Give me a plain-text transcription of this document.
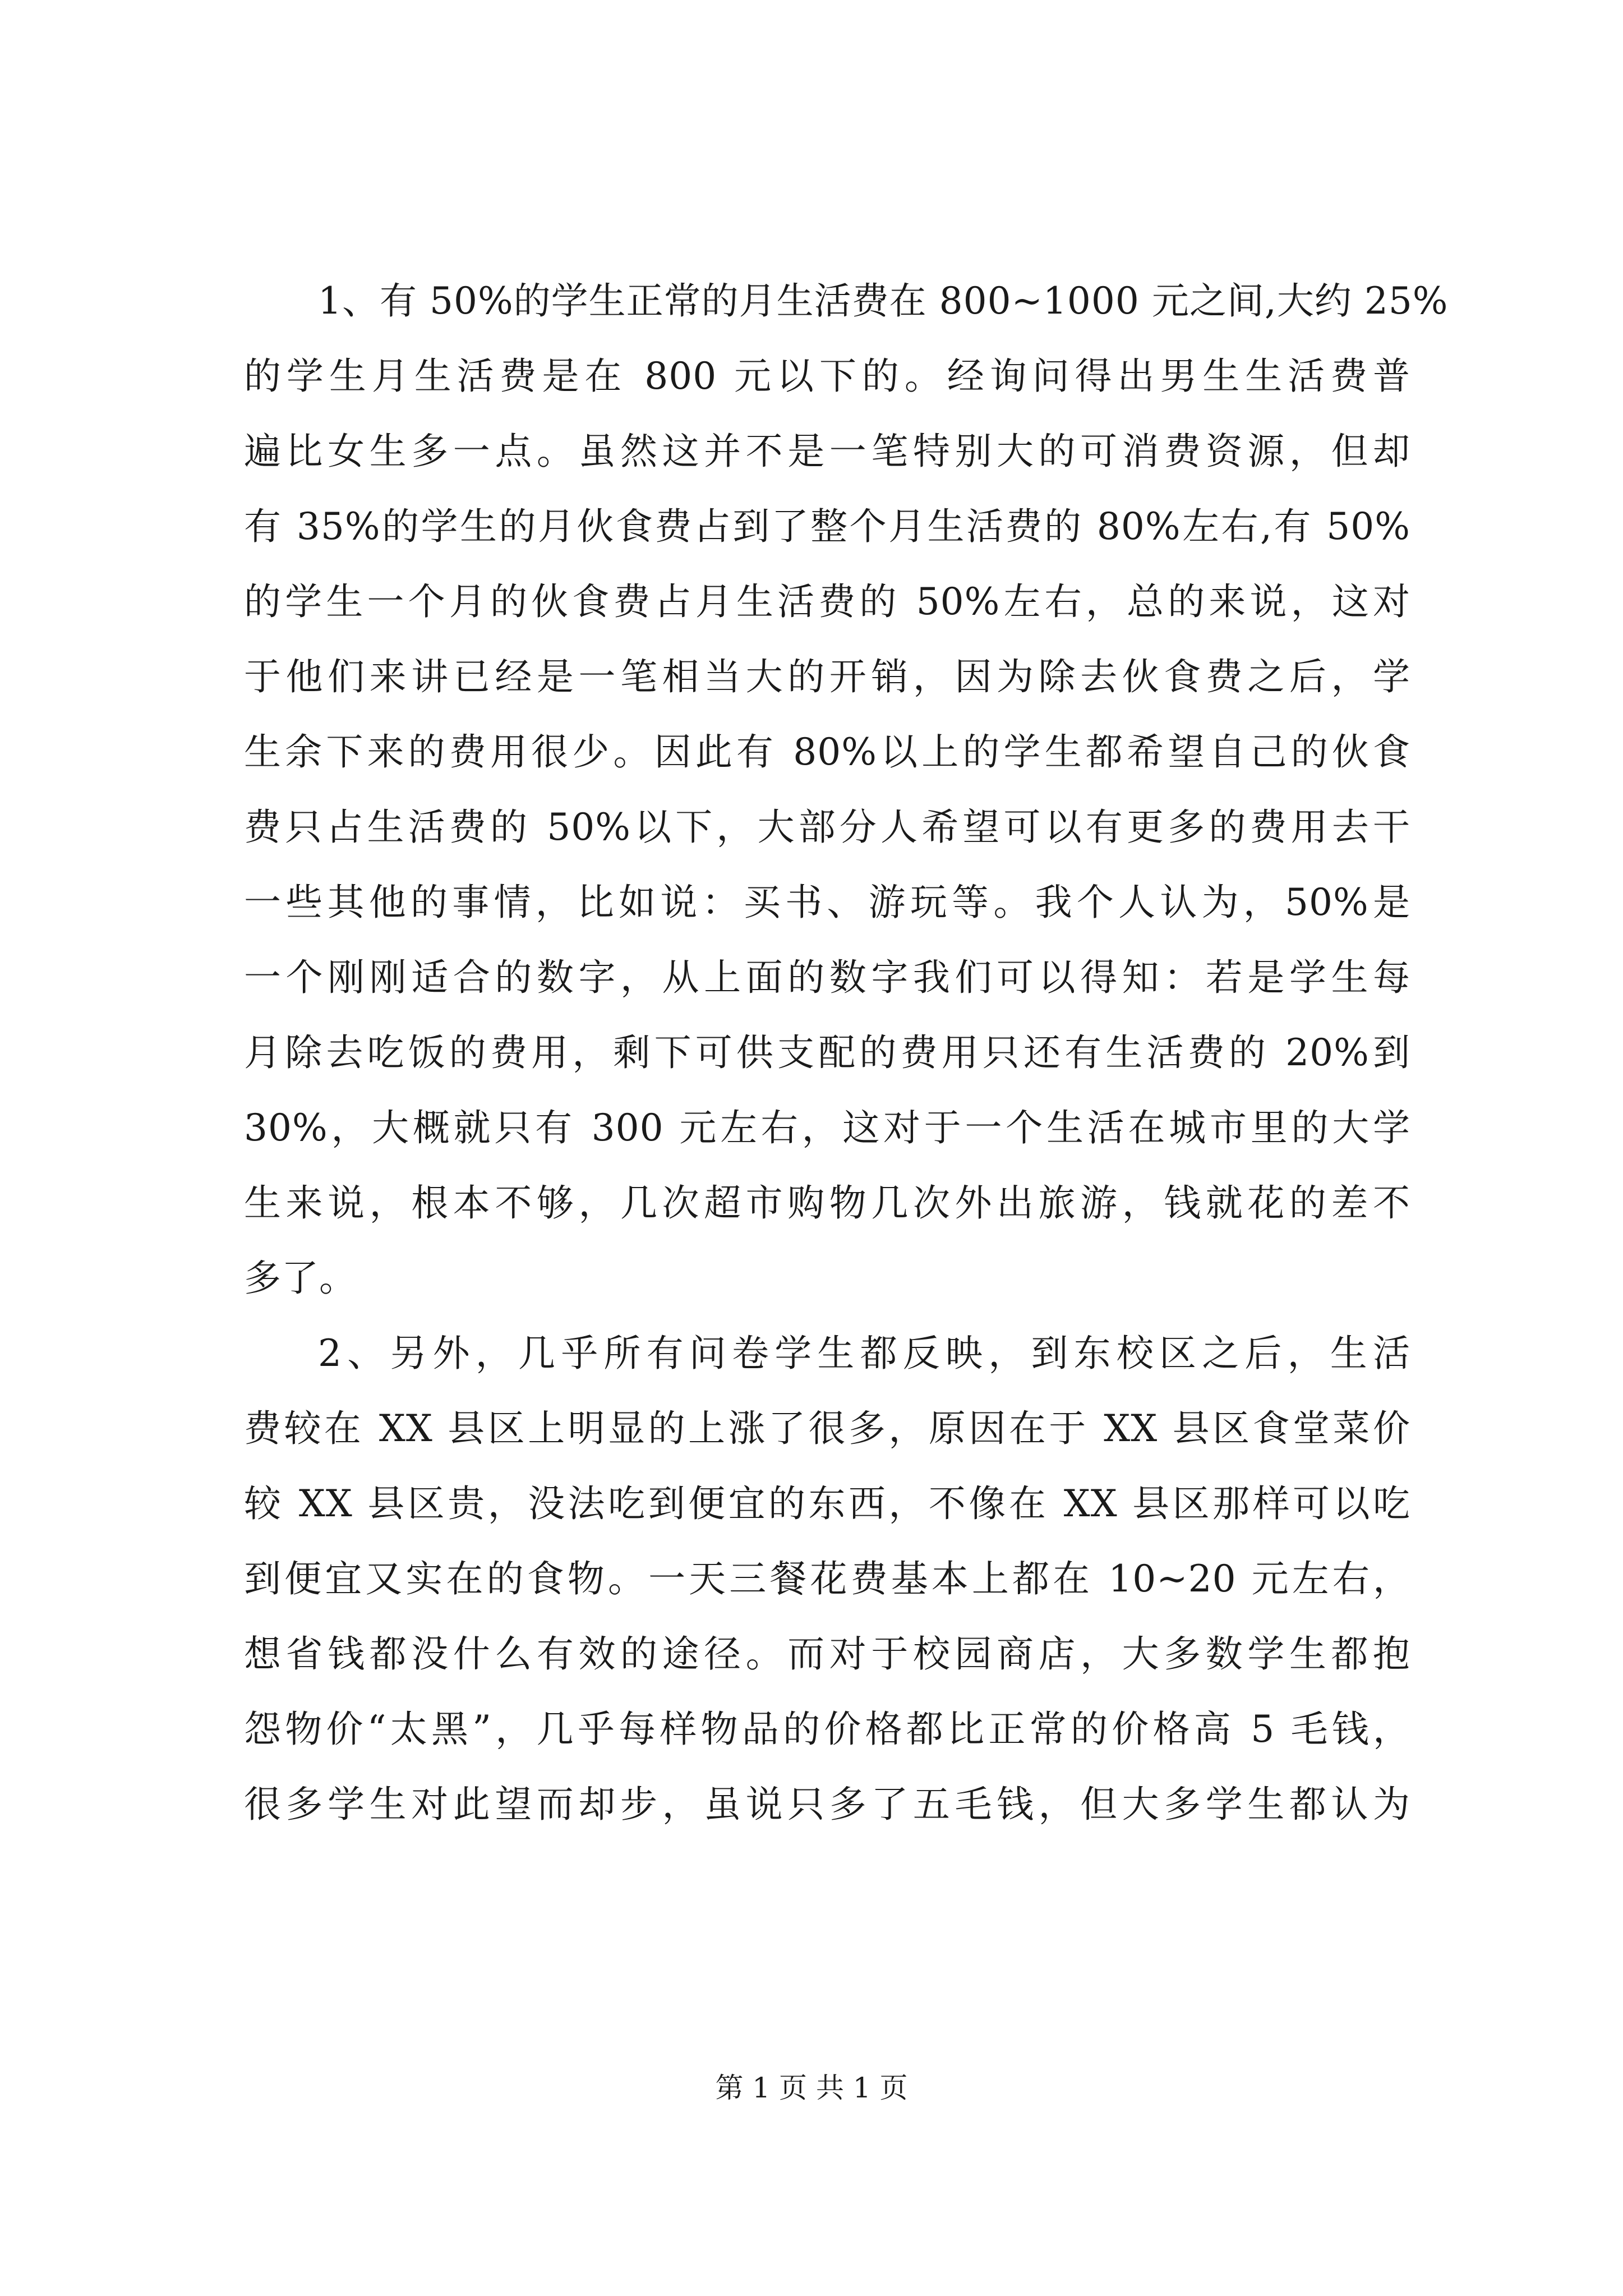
1、有 50%的学生正常的月生活费在 800~1000 元之间,大约 25%
的学生月生活费是在 800 元以下的。经询问得出男生生活费普
遍比女生多一点。虽然这并不是一笔特别大的可消费资源，但却
有 35%的学生的月伙食费占到了整个月生活费的 80%左右,有 50%
的学生一个月的伙食费占月生活费的 50%左右，总的来说，这对
于他们来讲已经是一笔相当大的开销，因为除去伙食费之后，学
生余下来的费用很少。因此有 80%以上的学生都希望自己的伙食
费只占生活费的 50%以下，大部分人希望可以有更多的费用去干
一些其他的事情，比如说：买书、游玩等。我个人认为，50%是
一个刚刚适合的数字，从上面的数字我们可以得知：若是学生每
月除去吃饭的费用，剩下可供支配的费用只还有生活费的 20%到
30%，大概就只有 300 元左右，这对于一个生活在城市里的大学
生来说，根本不够，几次超市购物几次外出旅游，钱就花的差不
多了。
2、另外，几乎所有问卷学生都反映，到东校区之后，生活
费较在 XX 县区上明显的上涨了很多，原因在于 XX 县区食堂菜价
较 XX 县区贵，没法吃到便宜的东西，不像在 XX 县区那样可以吃
到便宜又实在的食物。一天三餐花费基本上都在 10~20 元左右，
想省钱都没什么有效的途径。而对于校园商店，大多数学生都抱
怨物价“太黑”，几乎每样物品的价格都比正常的价格高 5 毛钱，
很多学生对此望而却步，虽说只多了五毛钱，但大多学生都认为
第 1 页 共 1 页
